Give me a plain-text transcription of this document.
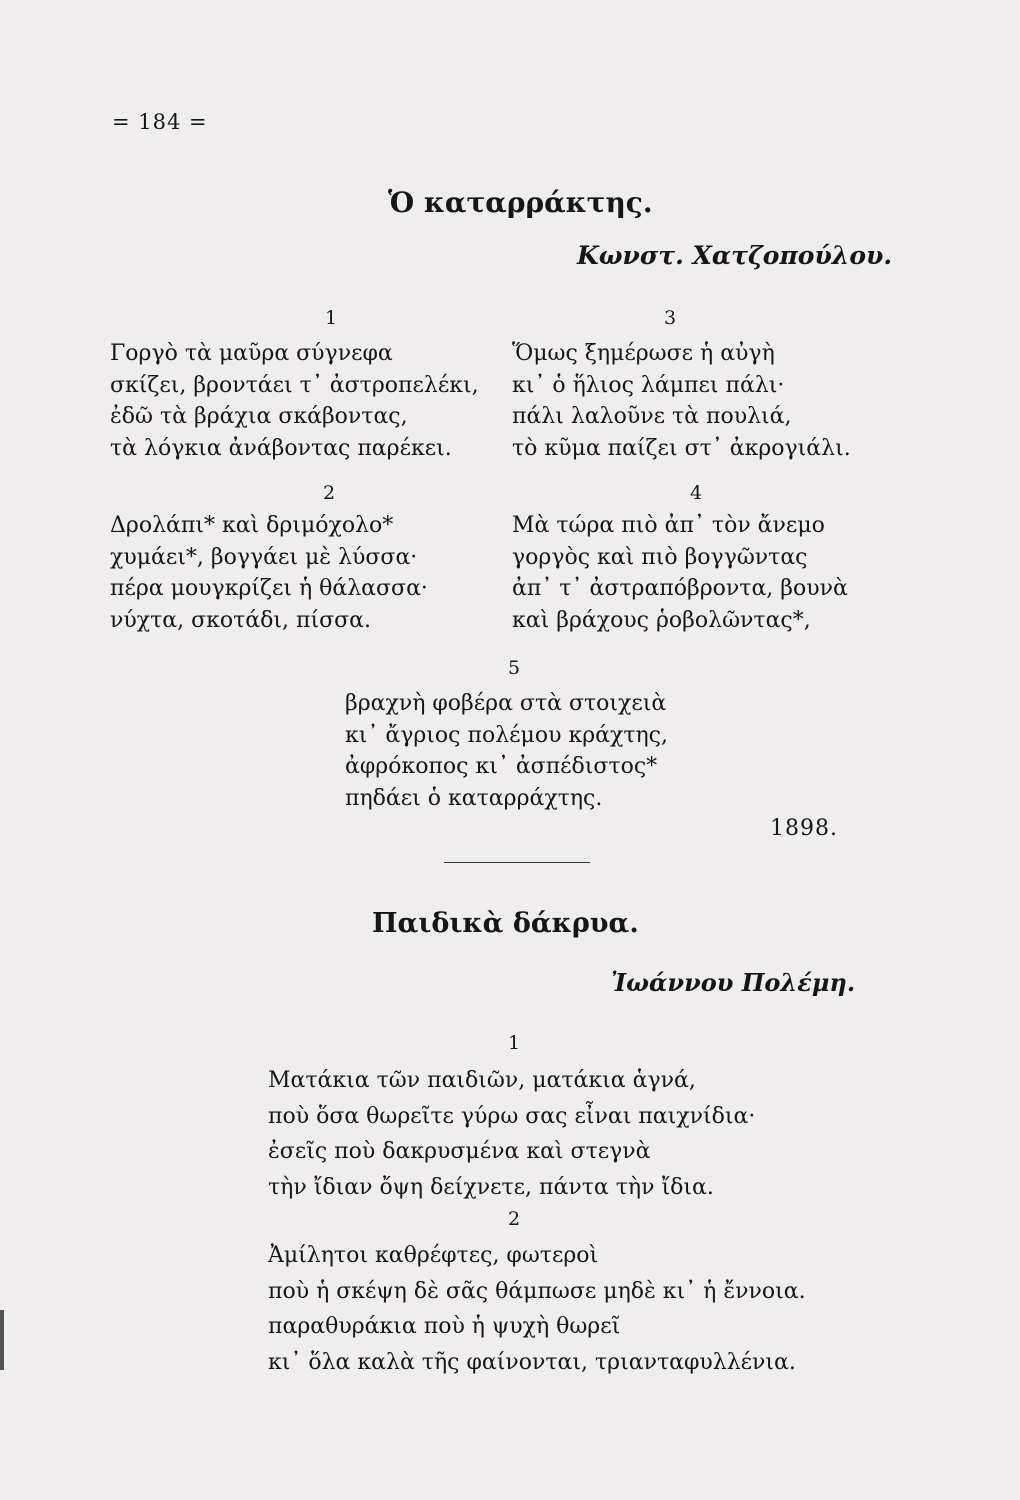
= 184 =
Ὁ καταρράκτης.
Κωνστ. Χατζοπούλου.
1
Γοργὸ τὰ μαῦρα σύγνεφα
σκίζει, βροντάει τ᾽ ἀστροπελέκι,
ἐδῶ τὰ βράχια σκάβοντας,
τὰ λόγκια ἀνάβοντας παρέκει.
3
Ὅμως ξημέρωσε ἡ αὐγὴ
κι᾽ ὁ ἥλιος λάμπει πάλι·
πάλι λαλοῦνε τὰ πουλιά,
τὸ κῦμα παίζει στ᾽ ἀκρογιάλι.
2
Δρολάπι* καὶ δριμόχολο*
χυμάει*, βογγάει μὲ λύσσα·
πέρα μουγκρίζει ἡ θάλασσα·
νύχτα, σκοτάδι, πίσσα.
4
Μὰ τώρα πιὸ ἀπ᾽ τὸν ἄνεμο
γοργὸς καὶ πιὸ βογγῶντας
ἀπ᾽ τ᾽ ἀστραπόβροντα, βουνὰ
καὶ βράχους ῥοβολῶντας*,
5
βραχνὴ φοβέρα στὰ στοιχειὰ
κι᾽ ἄγριος πολέμου κράχτης,
ἀφρόκοπος κι᾽ ἀσπέδιστος*
πηδάει ὁ καταρράχτης.
1898.
Παιδικὰ δάκρυα.
Ἰωάννου Πολέμη.
1
Ματάκια τῶν παιδιῶν, ματάκια ἁγνά,
ποὺ ὅσα θωρεῖτε γύρω σας εἶναι παιχνίδια·
ἐσεῖς ποὺ δακρυσμένα καὶ στεγνὰ
τὴν ἴδιαν ὄψη δείχνετε, πάντα τὴν ἴδια.
2
Ἀμίλητοι καθρέφτες, φωτεροὶ
ποὺ ἡ σκέψη δὲ σᾶς θάμπωσε μηδὲ κι᾽ ἡ ἔννοια.
παραθυράκια ποὺ ἡ ψυχὴ θωρεῖ
κι᾽ ὅλα καλὰ τῆς φαίνονται, τριανταφυλλένια.
